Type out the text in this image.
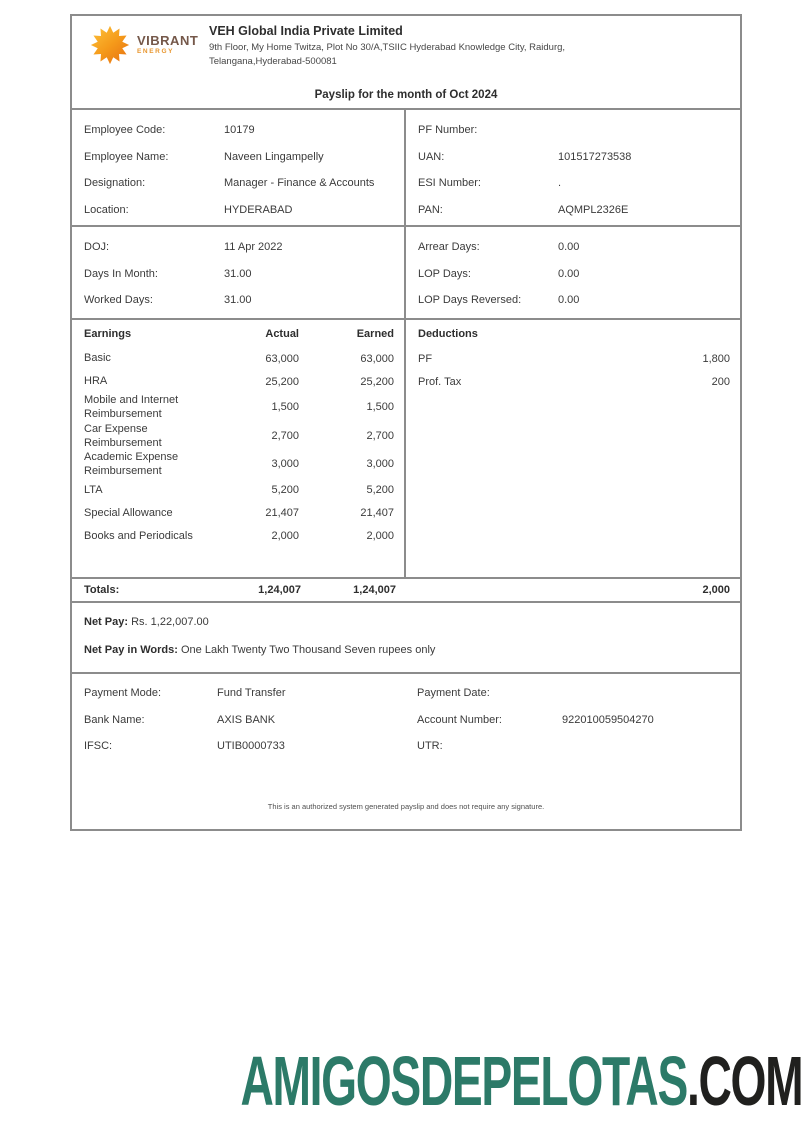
VIBRANT
ENERGY
VEH Global India Private Limited
9th Floor, My Home Twitza, Plot No 30/A,TSIIC Hyderabad Knowledge City, Raidurg,
Telangana,Hyderabad-500081
Payslip for the month of Oct 2024
Employee Code:	10179
Employee Name:	Naveen Lingampelly
Designation:	Manager - Finance & Accounts
Location:	HYDERABAD
PF Number:
UAN:	101517273538
ESI Number:	.
PAN:	AQMPL2326E
DOJ:	11 Apr 2022
Days In Month:	31.00
Worked Days:	31.00
Arrear Days:	0.00
LOP Days:	0.00
LOP Days Reversed:	0.00
Earnings	Actual	Earned
Basic	63,000	63,000
HRA	25,200	25,200
Mobile and Internet Reimbursement
1,500	1,500
Car Expense Reimbursement
2,700	2,700
Academic Expense Reimbursement
3,000	3,000
LTA	5,200	5,200
Special Allowance	21,407	21,407
Books and Periodicals	2,000	2,000
Deductions
PF	1,800
Prof. Tax	200
Totals:	1,24,007	1,24,007	2,000
Net Pay: Rs. 1,22,007.00
Net Pay in Words: One Lakh Twenty Two Thousand Seven rupees only
Payment Mode:	Fund Transfer	Payment Date:
Bank Name:	AXIS BANK	Account Number:	922010059504270
IFSC:	UTIB0000733	UTR:
This is an authorized system generated payslip and does not require any signature.
AMIGOSDEPELOTAS.COM
